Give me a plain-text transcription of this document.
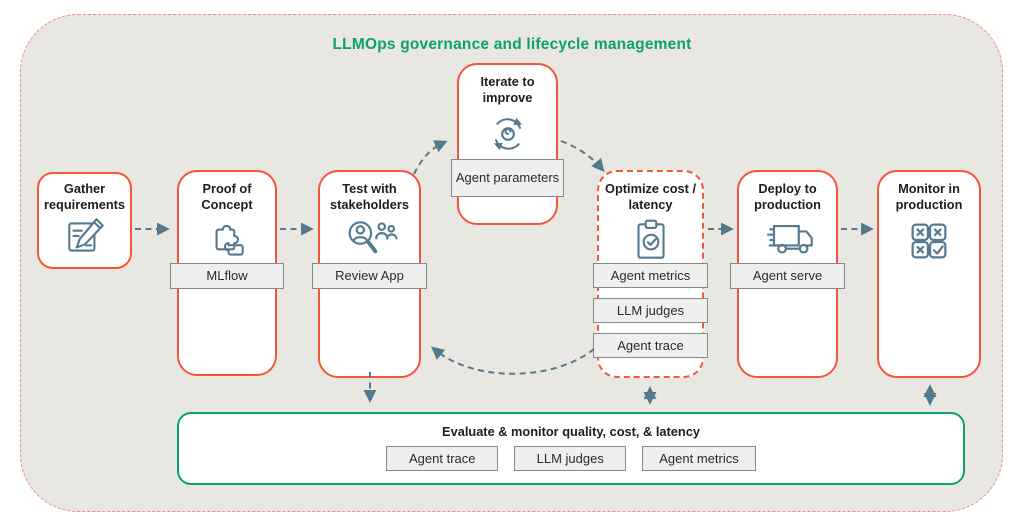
LLMOps governance and lifecycle management
Gather requirements
Proof of Concept
Test with stakeholders
Iterate to improve
Optimize cost / latency
Deploy to production
Monitor in production
MLflow	Review App
Agent parameters
Agent metrics
LLM judges
Agent trace
Agent serve
Evaluate & monitor quality, cost, & latency
Agent trace	LLM judges	Agent metrics
